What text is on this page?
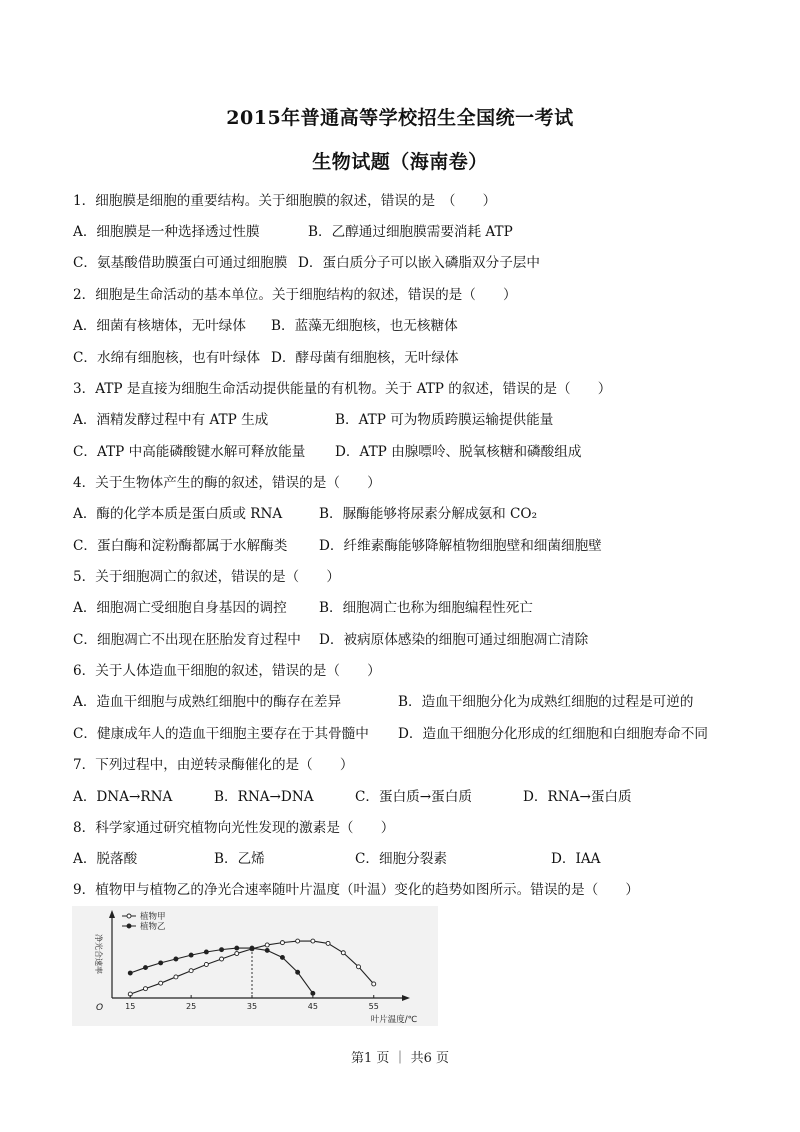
2015年普通高等学校招生全国统一考试
生物试题（海南卷）
1．细胞膜是细胞的重要结构。关于细胞膜的叙述，错误的是　（　　）
A．细胞膜是一种选择透过性膜	B．乙醇通过细胞膜需要消耗 ATP
C．氨基酸借助膜蛋白可通过细胞膜 D．蛋白质分子可以嵌入磷脂双分子层中
2．细胞是生命活动的基本单位。关于细胞结构的叙述，错误的是（　　）
A．细菌有核塘体，无叶绿体 B．蓝藻无细胞核，也无核糖体
C．水绵有细胞核，也有叶绿体 D．酵母菌有细胞核，无叶绿体
3．ATP 是直接为细胞生命活动提供能量的有机物。关于 ATP 的叙述，错误的是（　　）
A．酒精发酵过程中有 ATP 生成	B．ATP 可为物质跨膜运输提供能量
C．ATP 中高能磷酸键水解可释放能量 D．ATP 由腺嘌呤、脱氧核糖和磷酸组成
4．关于生物体产生的酶的叙述，错误的是（　　）
A．酶的化学本质是蛋白质或 RNA	B．脲酶能够将尿素分解成氨和 CO₂
C．蛋白酶和淀粉酶都属于水解酶类 D．纤维素酶能够降解植物细胞壁和细菌细胞壁
5．关于细胞凋亡的叙述，错误的是（　　）
A．细胞凋亡受细胞自身基因的调控 B．细胞凋亡也称为细胞编程性死亡
C．细胞凋亡不出现在胚胎发育过程中 D．被病原体感染的细胞可通过细胞凋亡清除
6．关于人体造血干细胞的叙述，错误的是（　　）
A．造血干细胞与成熟红细胞中的酶存在差异	B．造血干细胞分化为成熟红细胞的过程是可逆的
C．健康成年人的造血干细胞主要存在于其骨髓中 D．造血干细胞分化形成的红细胞和白细胞寿命不同
7．下列过程中，由逆转录酶催化的是（　　）
A．DNA→RNA	B．RNA→DNA	C．蛋白质→蛋白质	D．RNA→蛋白质
8．科学家通过研究植物向光性发现的激素是（　　）
A．脱落酸	B．乙烯	C．细胞分裂素	D．IAA
9．植物甲与植物乙的净光合速率随叶片温度（叶温）变化的趋势如图所示。错误的是（　　）
O	15	25	35	45	55
叶片温度/℃
净光合速率
植物甲
植物乙
第1 页 ｜ 共6 页
